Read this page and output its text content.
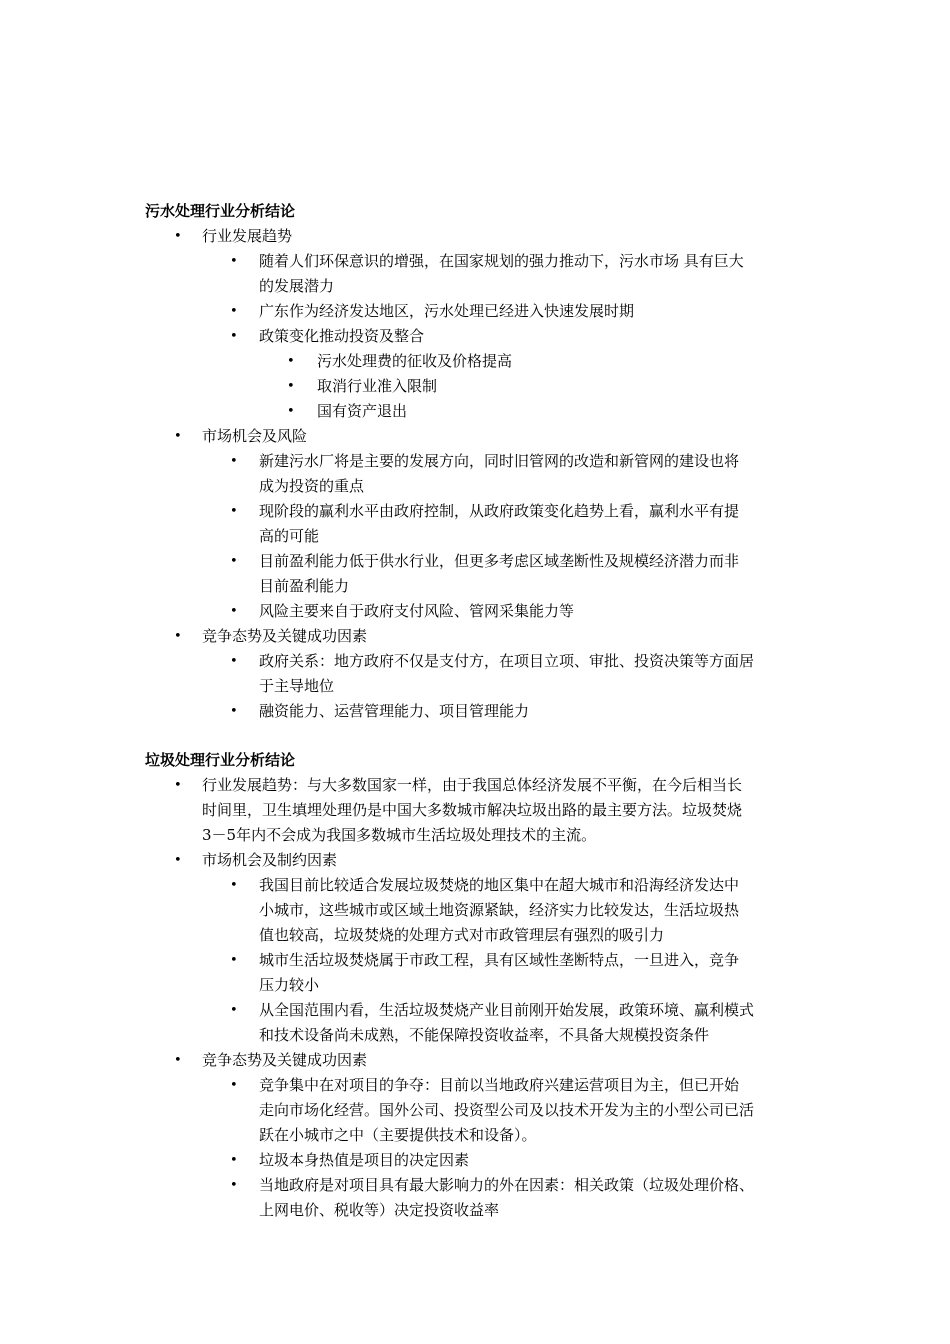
污水处理行业分析结论
• 行业发展趋势
• 随着人们环保意识的增强，在国家规划的强力推动下，污水市场 具有巨大
的发展潜力
• 广东作为经济发达地区，污水处理已经进入快速发展时期
• 政策变化推动投资及整合
• 污水处理费的征收及价格提高
• 取消行业准入限制
• 国有资产退出
• 市场机会及风险
• 新建污水厂将是主要的发展方向，同时旧管网的改造和新管网的建设也将
成为投资的重点
• 现阶段的赢利水平由政府控制，从政府政策变化趋势上看，赢利水平有提
高的可能
• 目前盈利能力低于供水行业，但更多考虑区域垄断性及规模经济潜力而非
目前盈利能力
• 风险主要来自于政府支付风险、管网采集能力等
• 竞争态势及关键成功因素
• 政府关系：地方政府不仅是支付方，在项目立项、审批、投资决策等方面居
于主导地位
• 融资能力、运营管理能力、项目管理能力
垃圾处理行业分析结论
• 行业发展趋势：与大多数国家一样，由于我国总体经济发展不平衡，在今后相当长
时间里，卫生填埋处理仍是中国大多数城市解决垃圾出路的最主要方法。垃圾焚烧
3－5年内不会成为我国多数城市生活垃圾处理技术的主流。
• 市场机会及制约因素
• 我国目前比较适合发展垃圾焚烧的地区集中在超大城市和沿海经济发达中
小城市，这些城市或区域土地资源紧缺，经济实力比较发达，生活垃圾热
值也较高，垃圾焚烧的处理方式对市政管理层有强烈的吸引力
• 城市生活垃圾焚烧属于市政工程，具有区域性垄断特点，一旦进入，竞争
压力较小
• 从全国范围内看，生活垃圾焚烧产业目前刚开始发展，政策环境、赢利模式
和技术设备尚未成熟，不能保障投资收益率，不具备大规模投资条件
• 竞争态势及关键成功因素
• 竞争集中在对项目的争夺：目前以当地政府兴建运营项目为主，但已开始
走向市场化经营。国外公司、投资型公司及以技术开发为主的小型公司已活
跃在小城市之中（主要提供技术和设备）。
• 垃圾本身热值是项目的决定因素
• 当地政府是对项目具有最大影响力的外在因素：相关政策（垃圾处理价格、
上网电价、税收等）决定投资收益率
